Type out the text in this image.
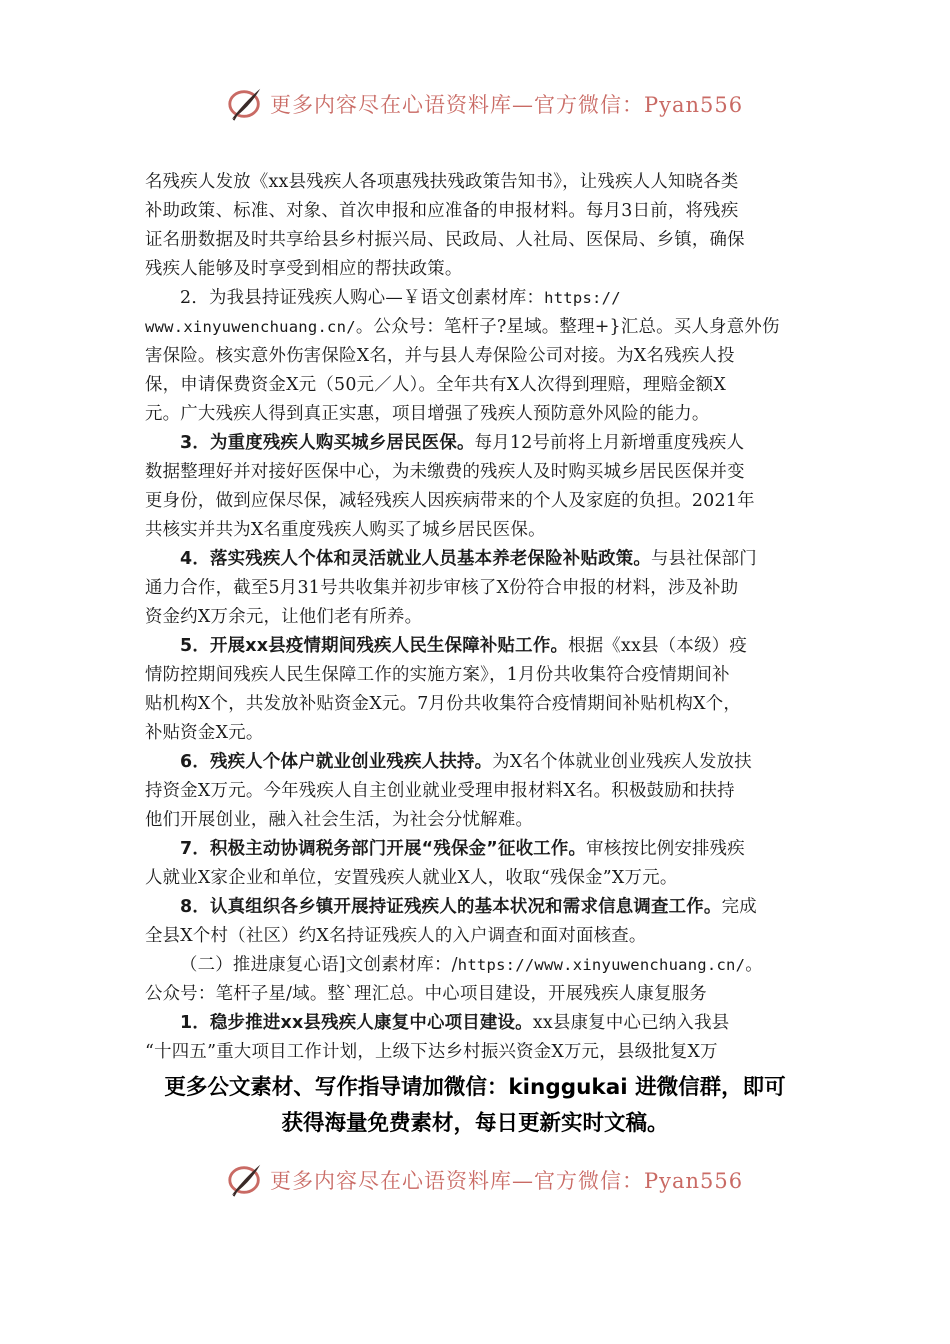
更多内容尽在心语资料库—官方微信：Pyan556
名残疾人发放《xx县残疾人各项惠残扶残政策告知书》，让残疾人人知晓各类
补助政策、标准、对象、首次申报和应准备的申报材料。每月3日前，将残疾
证名册数据及时共享给县乡村振兴局、民政局、人社局、医保局、乡镇，确保
残疾人能够及时享受到相应的帮扶政策。
2．为我县持证残疾人购心—￥语文创素材库：https://
www.xinyuwenchuang.cn/。公众号：笔杆子?星域。整理+}汇总。买人身意外伤
害保险。核实意外伤害保险X名，并与县人寿保险公司对接。为X名残疾人投
保，申请保费资金X元（50元／人）。全年共有X人次得到理赔，理赔金额X
元。广大残疾人得到真正实惠，项目增强了残疾人预防意外风险的能力。
3．为重度残疾人购买城乡居民医保。每月12号前将上月新增重度残疾人
数据整理好并对接好医保中心，为未缴费的残疾人及时购买城乡居民医保并变
更身份，做到应保尽保，减轻残疾人因疾病带来的个人及家庭的负担。2021年
共核实并共为X名重度残疾人购买了城乡居民医保。
4．落实残疾人个体和灵活就业人员基本养老保险补贴政策。与县社保部门
通力合作，截至5月31号共收集并初步审核了X份符合申报的材料，涉及补助
资金约X万余元，让他们老有所养。
5．开展xx县疫情期间残疾人民生保障补贴工作。根据《xx县（本级）疫
情防控期间残疾人民生保障工作的实施方案》，1月份共收集符合疫情期间补
贴机构X个，共发放补贴资金X元。7月份共收集符合疫情期间补贴机构X个，
补贴资金X元。
6．残疾人个体户就业创业残疾人扶持。为X名个体就业创业残疾人发放扶
持资金X万元。今年残疾人自主创业就业受理申报材料X名。积极鼓励和扶持
他们开展创业，融入社会生活，为社会分忧解难。
7．积极主动协调税务部门开展“残保金”征收工作。审核按比例安排残疾
人就业X家企业和单位，安置残疾人就业X人，收取“残保金”X万元。
8．认真组织各乡镇开展持证残疾人的基本状况和需求信息调查工作。完成
全县X个村（社区）约X名持证残疾人的入户调查和面对面核查。
（二）推进康复心语]文创素材库：/https://www.xinyuwenchuang.cn/。
公众号：笔杆子星/域。整`理汇总。中心项目建设，开展残疾人康复服务
1．稳步推进xx县残疾人康复中心项目建设。xx县康复中心已纳入我县
“十四五”重大项目工作计划，上级下达乡村振兴资金X万元，县级批复X万
更多公文素材、写作指导请加微信：kinggukai 进微信群，即可
获得海量免费素材，每日更新实时文稿。
更多内容尽在心语资料库—官方微信：Pyan556
